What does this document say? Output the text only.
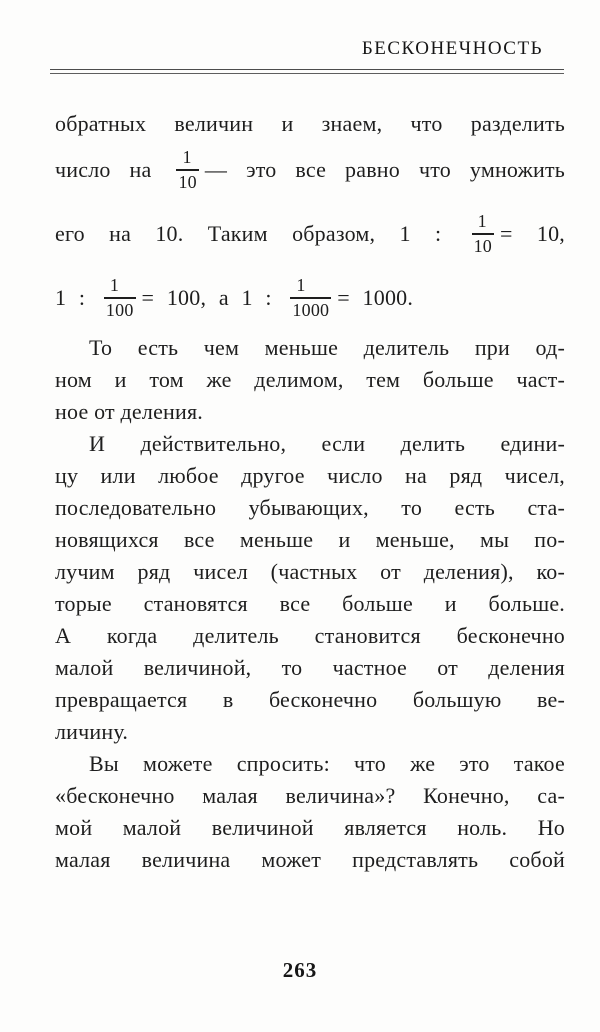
БЕСКОНЕЧНОСТЬ
обратных величин и знаем, что разделить
число на $\frac{1}{10}$ — это все равно что умножить
его на 10. Таким образом, 1 : $\frac{1}{10} = 10$,
1 : $\frac{1}{100} = 100$, а 1 : $\frac{1}{1000} = 1000$.
То есть чем меньше делитель при од-
ном и том же делимом, тем больше част-
ное от деления.
И действительно, если делить едини-
цу или любое другое число на ряд чисел,
последовательно убывающих, то есть ста-
новящихся все меньше и меньше, мы по-
лучим ряд чисел (частных от деления), ко-
торые становятся все больше и больше.
А когда делитель становится бесконечно
малой величиной, то частное от деления
превращается в бесконечно большую ве-
личину.
Вы можете спросить: что же это такое
«бесконечно малая величина»? Конечно, са-
мой малой величиной является ноль. Но
малая величина может представлять собой
263
